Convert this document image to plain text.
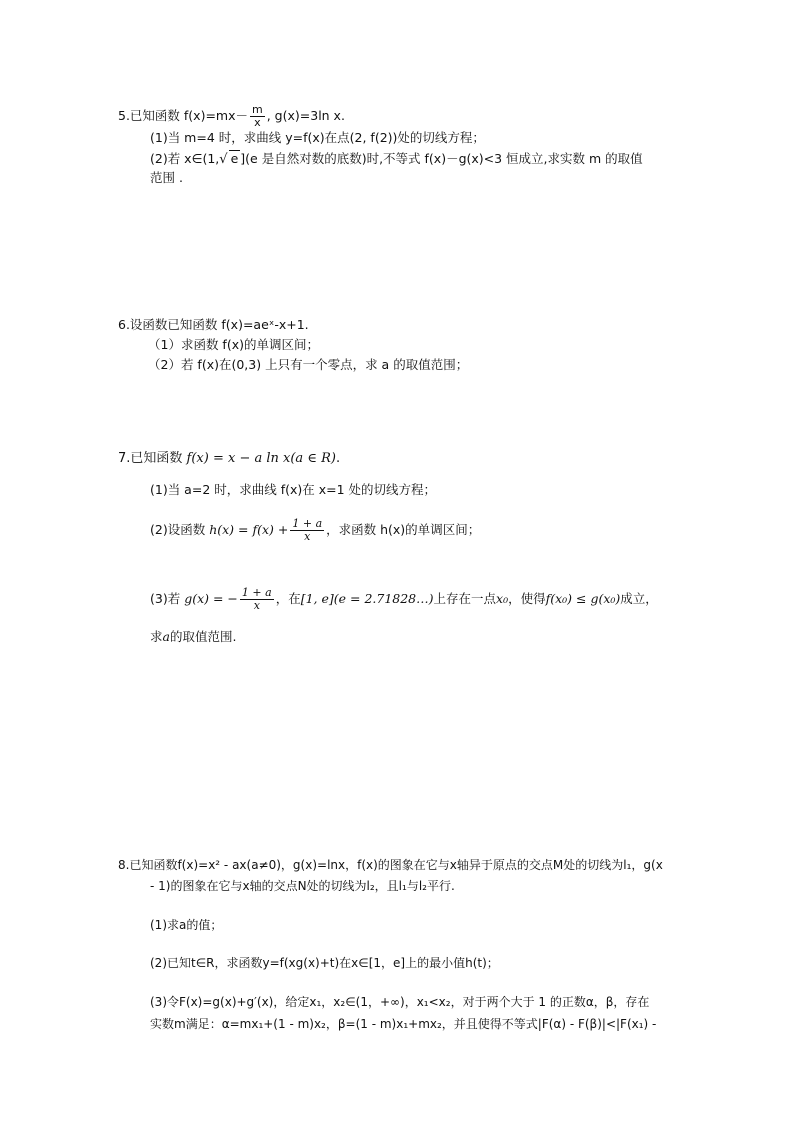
5.已知函数 $f(x)=mx- \frac{m}{x}$ , g(x)=3ln x.
(1)当 m=4 时，求曲线 y=f(x)在点(2, f(2))处的切线方程；
(2)若 x∈(1,√ e ](e 是自然对数的底数)时,不等式 f(x)－g(x)<3 恒成立,求实数 m 的取值
范围 .
6.设函数已知函数 f(x)=aeˣ-x+1.
（1）求函数 f(x)的单调区间；
（2）若 f(x)在(0,3) 上只有一个零点，求 a 的取值范围；
7.已知函数 f(x) = x − a ln x(a ∈ R).
(1)当 a=2 时，求曲线 f(x)在 x=1 处的切线方程；
(2)设函数 $h(x) = f(x) + \frac{1 + a}{x}$ ，求函数 h(x)的单调区间；
(3)若 g(x) = − $\frac{1 + a}{x}$ ，在[1, e](e = 2.71828…)上存在一点x₀，使得f(x₀) ≤ g(x₀)成立，
求a的取值范围.
8.已知函数f(x)=x² - ax(a≠0)，g(x)=lnx，f(x)的图象在它与x轴异于原点的交点M处的切线为l₁，g(x
- 1)的图象在它与x轴的交点N处的切线为l₂，且l₁与l₂平行.
(1)求a的值；
(2)已知t∈R，求函数y=f(xg(x)+t)在x∈[1，e]上的最小值h(t)；
(3)令F(x)=g(x)+g′(x)，给定x₁，x₂∈(1，+∞)，x₁<x₂，对于两个大于 1 的正数α，β，存在
实数m满足：α=mx₁+(1 - m)x₂，β=(1 - m)x₁+mx₂，并且使得不等式|F(α) - F(β)|<|F(x₁) -
